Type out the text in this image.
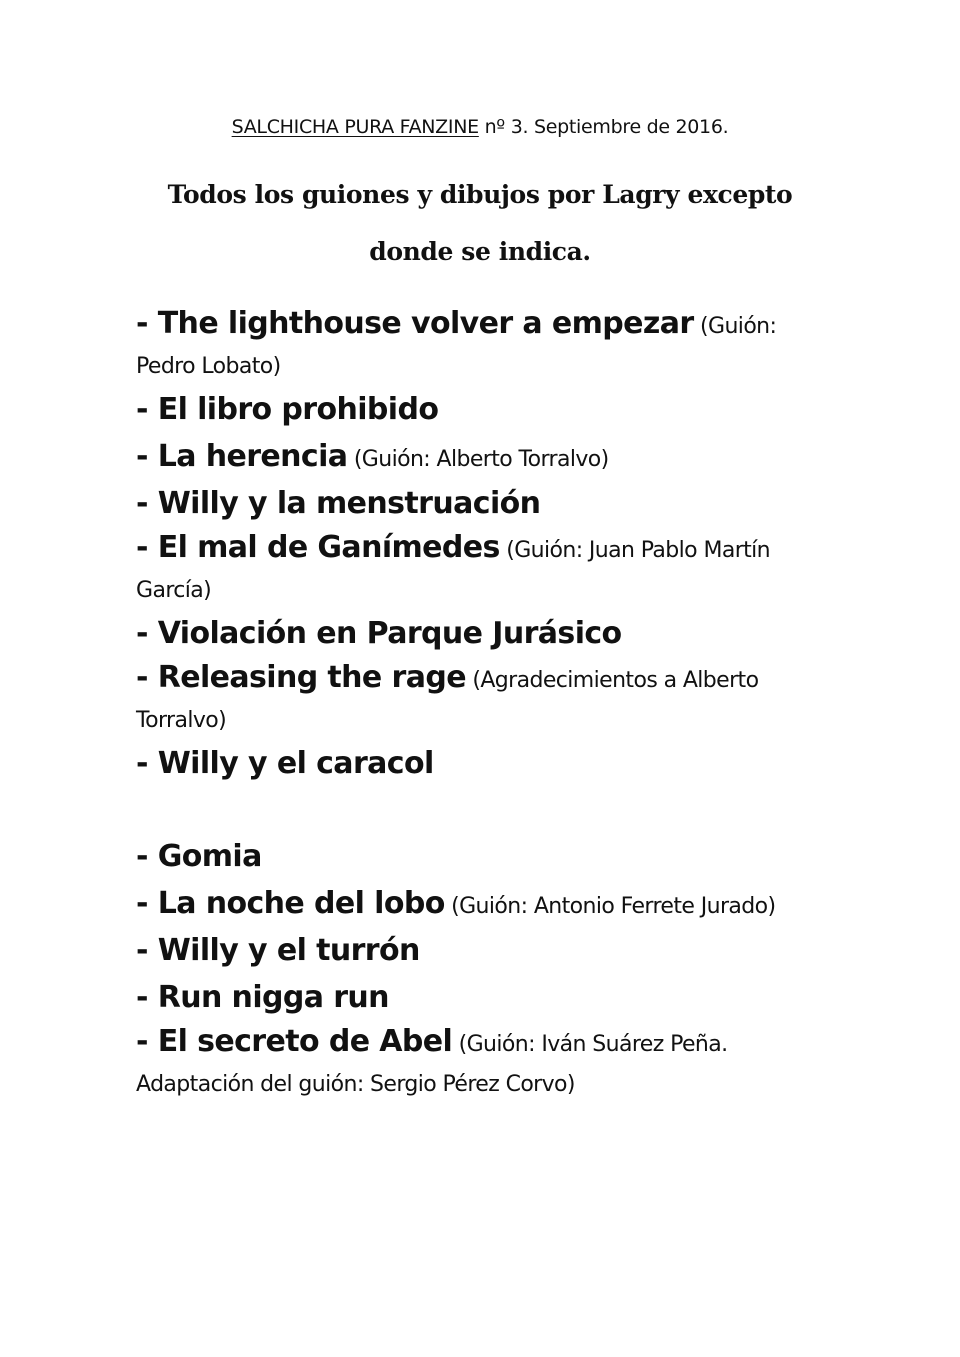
SALCHICHA PURA FANZINE nº 3. Septiembre de 2016.
Todos los guiones y dibujos por Lagry excepto donde se indica.
- The lighthouse volver a empezar (Guión: Pedro Lobato)
- El libro prohibido
- La herencia (Guión: Alberto Torralvo)
- Willy y la menstruación
- El mal de Ganímedes (Guión: Juan Pablo Martín García)
- Violación en Parque Jurásico
- Releasing the rage (Agradecimientos a Alberto Torralvo)
- Willy y el caracol
- Gomia
- La noche del lobo (Guión: Antonio Ferrete Jurado)
- Willy y el turrón
- Run nigga run
- El secreto de Abel (Guión: Iván Suárez Peña. Adaptación del guión: Sergio Pérez Corvo)
